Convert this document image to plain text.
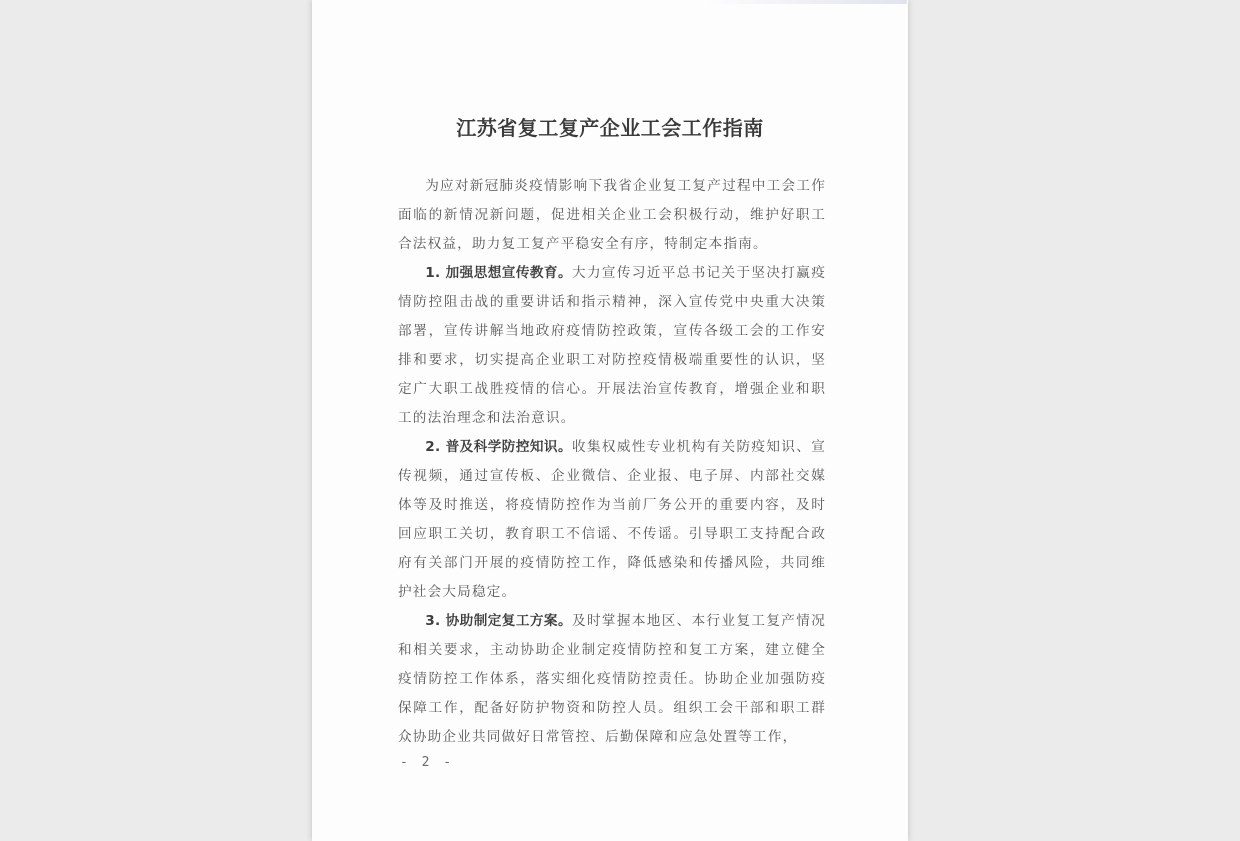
江苏省复工复产企业工会工作指南

为应对新冠肺炎疫情影响下我省企业复工复产过程中工会工作面临的新情况新问题，促进相关企业工会积极行动，维护好职工合法权益，助力复工复产平稳安全有序，特制定本指南。

1. 加强思想宣传教育。大力宣传习近平总书记关于坚决打赢疫情防控阻击战的重要讲话和指示精神，深入宣传党中央重大决策部署，宣传讲解当地政府疫情防控政策，宣传各级工会的工作安排和要求，切实提高企业职工对防控疫情极端重要性的认识，坚定广大职工战胜疫情的信心。开展法治宣传教育，增强企业和职工的法治理念和法治意识。

2. 普及科学防控知识。收集权威性专业机构有关防疫知识、宣传视频，通过宣传板、企业微信、企业报、电子屏、内部社交媒体等及时推送，将疫情防控作为当前厂务公开的重要内容，及时回应职工关切，教育职工不信谣、不传谣。引导职工支持配合政府有关部门开展的疫情防控工作，降低感染和传播风险，共同维护社会大局稳定。

3. 协助制定复工方案。及时掌握本地区、本行业复工复产情况和相关要求，主动协助企业制定疫情防控和复工方案，建立健全疫情防控工作体系，落实细化疫情防控责任。协助企业加强防疫保障工作，配备好防护物资和防控人员。组织工会干部和职工群众协助企业共同做好日常管控、后勤保障和应急处置等工作，

- 2 -
